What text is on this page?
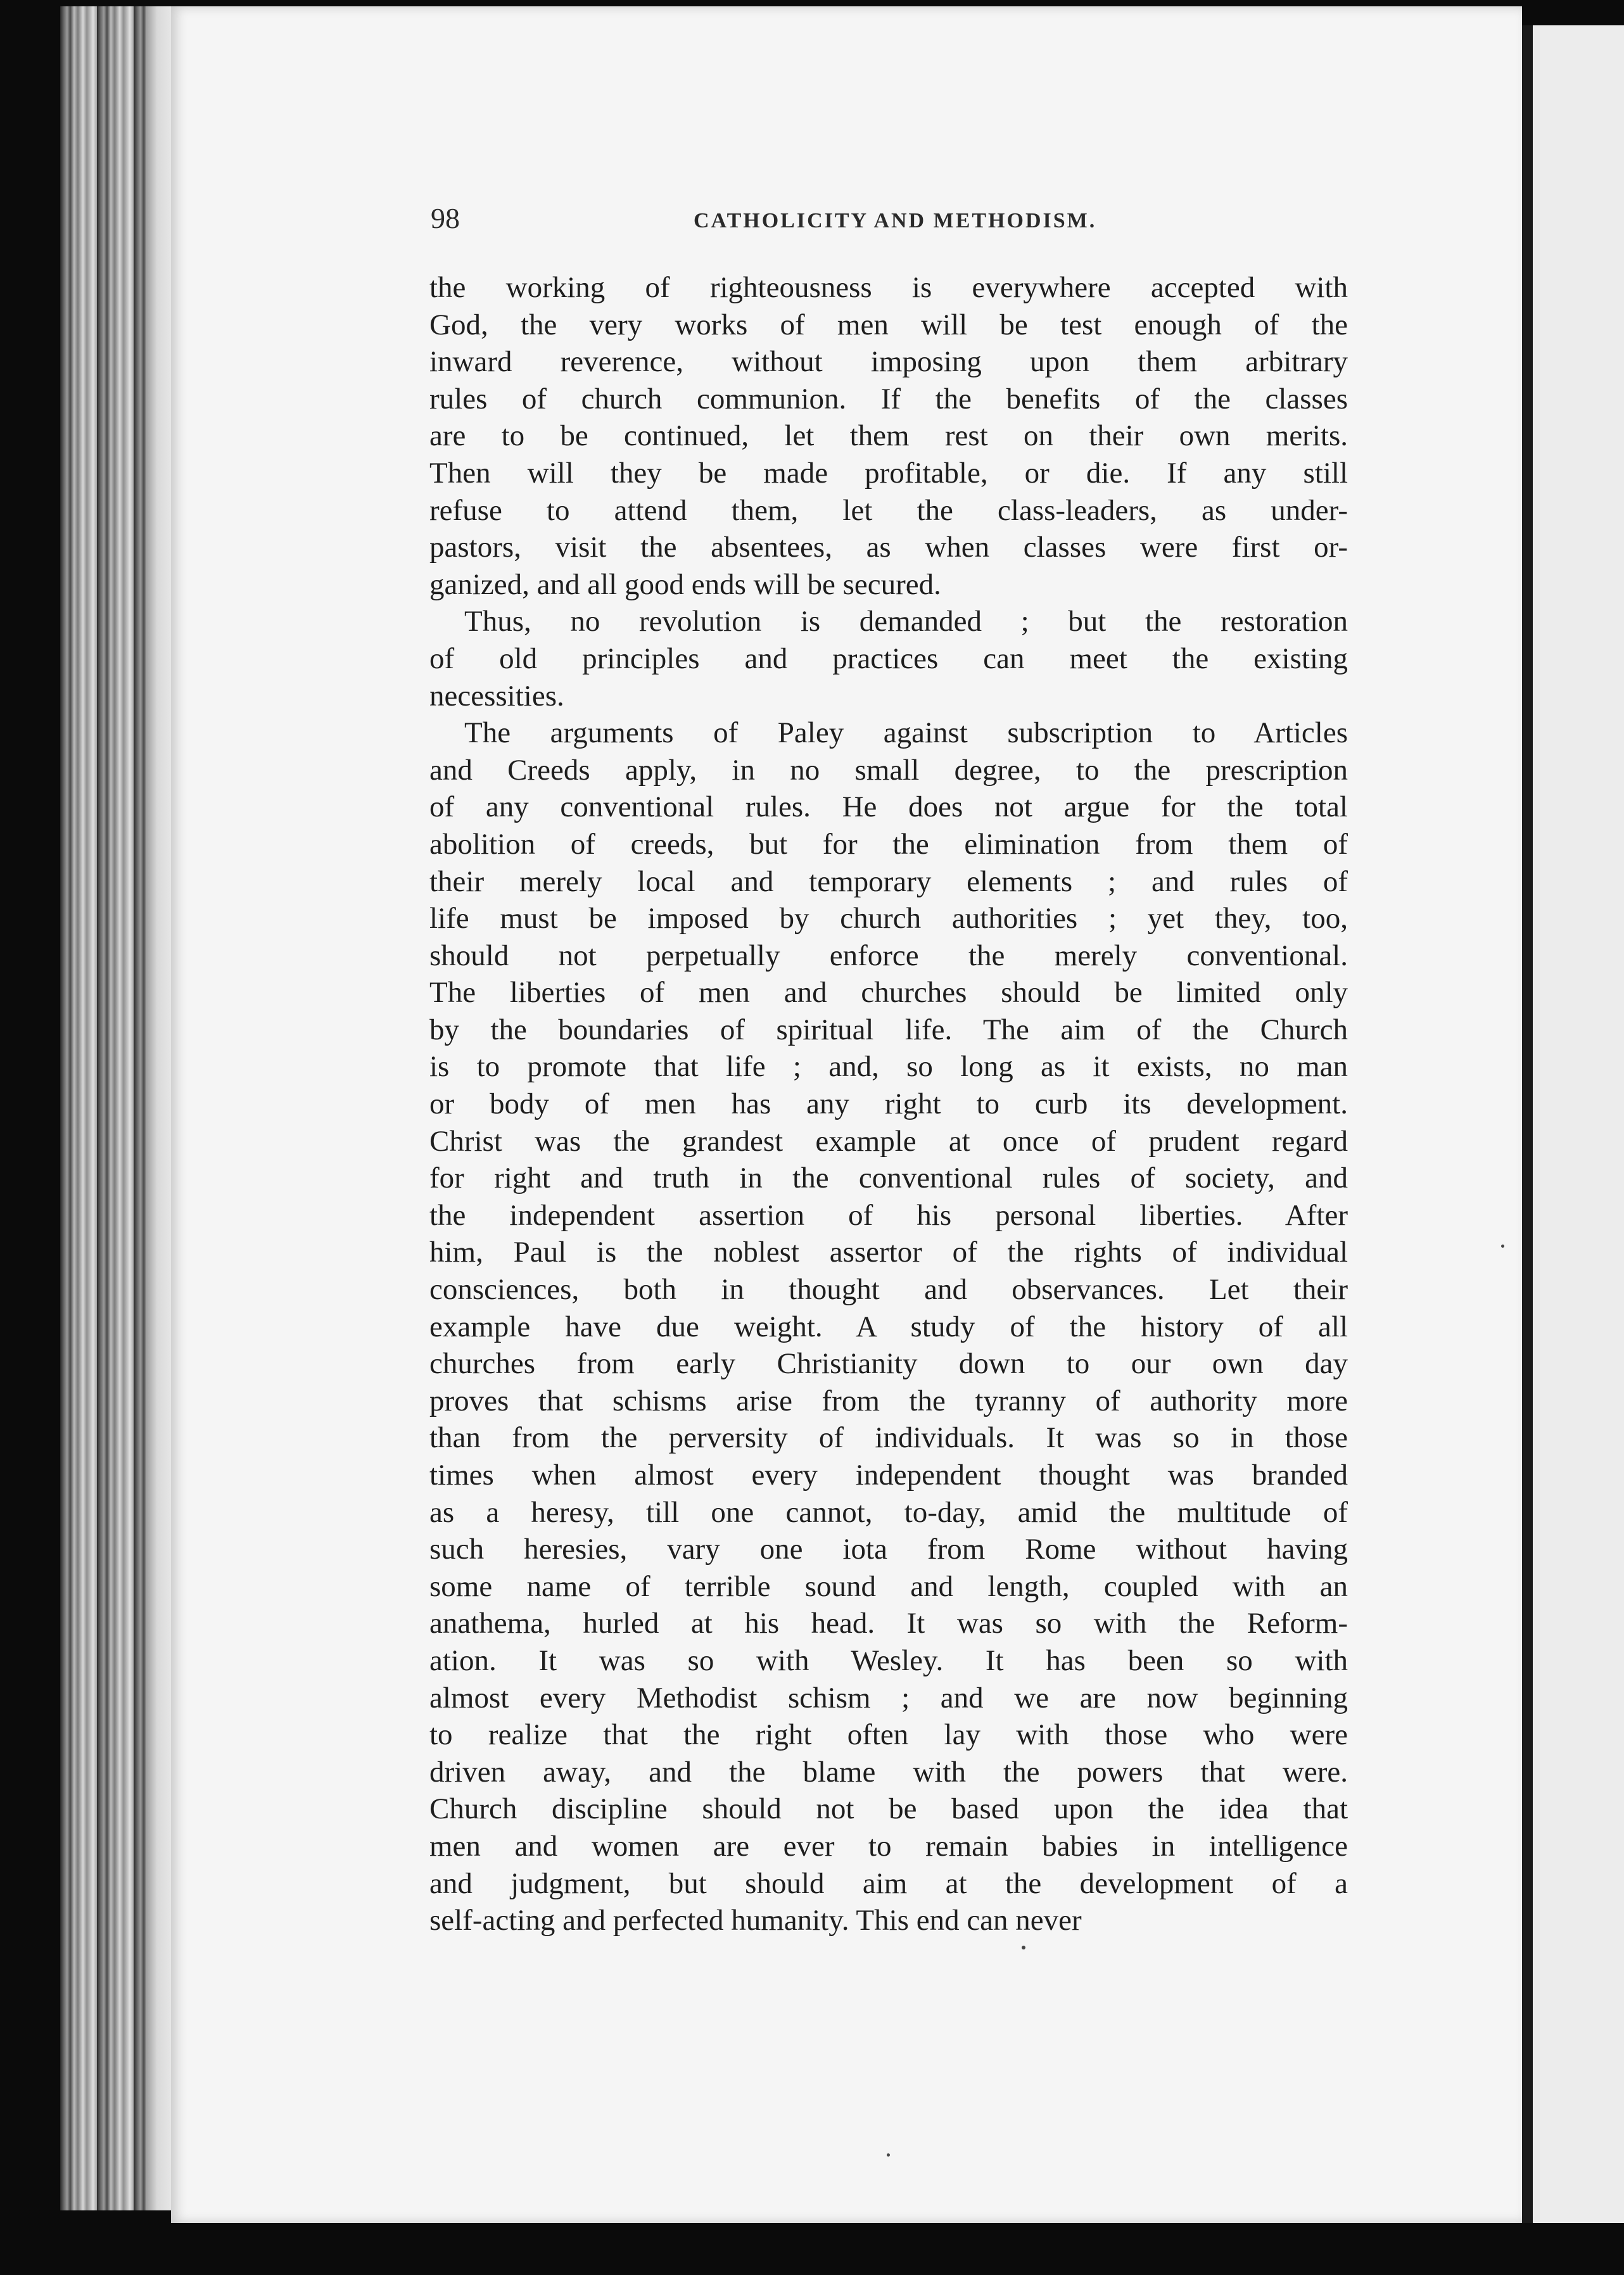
98	CATHOLICITY AND METHODISM.

the working of righteousness is everywhere accepted with
God, the very works of men will be test enough of the
inward reverence, without imposing upon them arbitrary
rules of church communion. If the benefits of the classes
are to be continued, let them rest on their own merits.
Then will they be made profitable, or die. If any still
refuse to attend them, let the class-leaders, as under-
pastors, visit the absentees, as when classes were first or-
ganized, and all good ends will be secured.

Thus, no revolution is demanded ; but the restoration
of old principles and practices can meet the existing
necessities.

The arguments of Paley against subscription to Articles
and Creeds apply, in no small degree, to the prescription
of any conventional rules. He does not argue for the total
abolition of creeds, but for the elimination from them of
their merely local and temporary elements ; and rules of
life must be imposed by church authorities ; yet they, too,
should not perpetually enforce the merely conventional.
The liberties of men and churches should be limited only
by the boundaries of spiritual life. The aim of the Church
is to promote that life ; and, so long as it exists, no man
or body of men has any right to curb its development.
Christ was the grandest example at once of prudent regard
for right and truth in the conventional rules of society, and
the independent assertion of his personal liberties. After
him, Paul is the noblest assertor of the rights of individual
consciences, both in thought and observances. Let their
example have due weight. A study of the history of all
churches from early Christianity down to our own day
proves that schisms arise from the tyranny of authority more
than from the perversity of individuals. It was so in those
times when almost every independent thought was branded
as a heresy, till one cannot, to-day, amid the multitude of
such heresies, vary one iota from Rome without having
some name of terrible sound and length, coupled with an
anathema, hurled at his head. It was so with the Reform-
ation. It was so with Wesley. It has been so with
almost every Methodist schism ; and we are now beginning
to realize that the right often lay with those who were
driven away, and the blame with the powers that were.
Church discipline should not be based upon the idea that
men and women are ever to remain babies in intelligence
and judgment, but should aim at the development of a
self-acting and perfected humanity. This end can never
